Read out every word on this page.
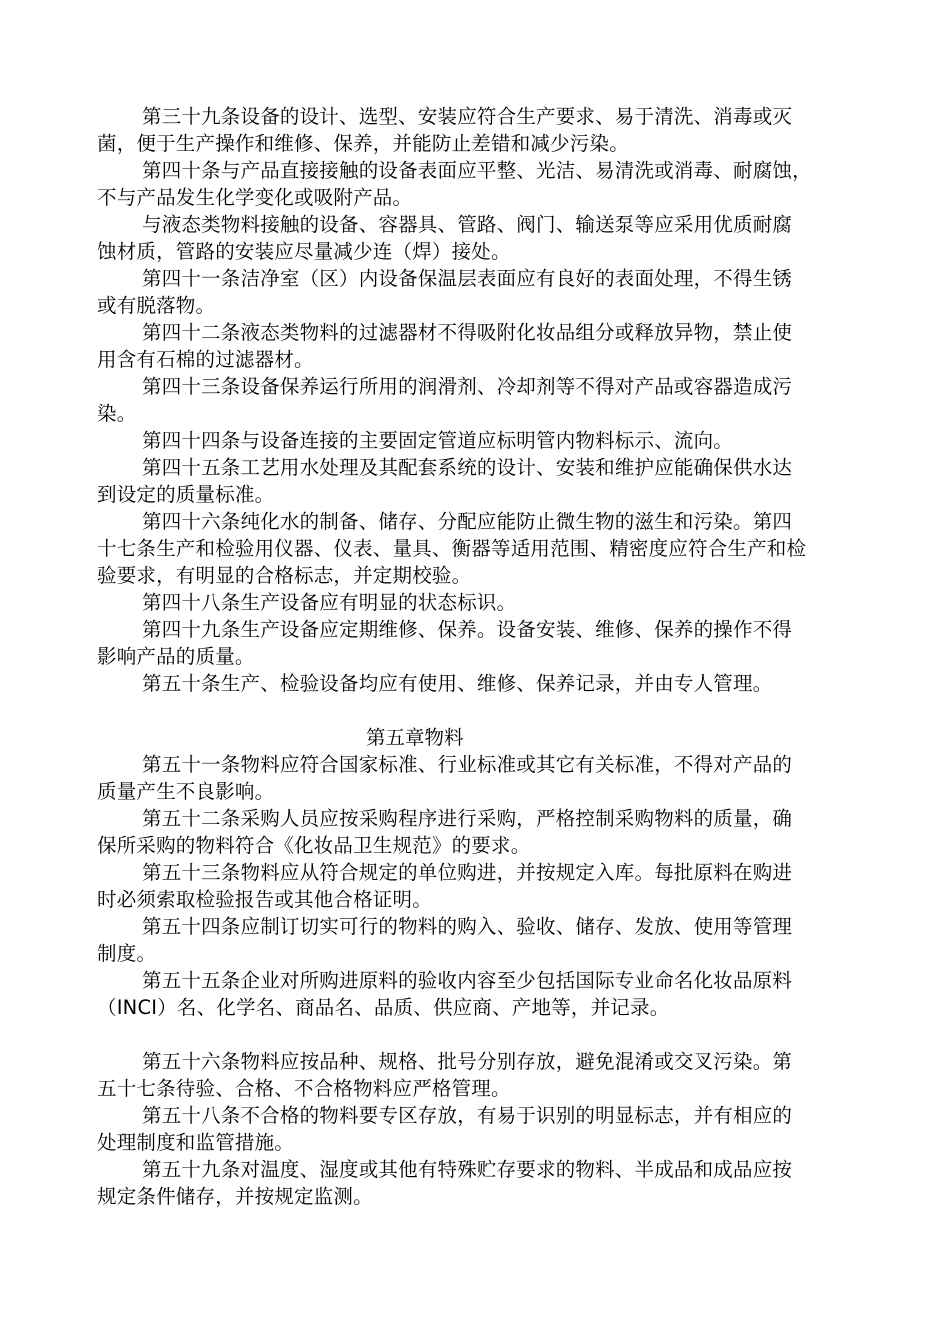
第三十九条设备的设计、选型、安装应符合生产要求、易于清洗、消毒或灭
菌，便于生产操作和维修、保养，并能防止差错和减少污染。
第四十条与产品直接接触的设备表面应平整、光洁、易清洗或消毒、耐腐蚀，
不与产品发生化学变化或吸附产品。
与液态类物料接触的设备、容器具、管路、阀门、输送泵等应采用优质耐腐
蚀材质，管路的安装应尽量减少连（焊）接处。
第四十一条洁净室（区）内设备保温层表面应有良好的表面处理，不得生锈
或有脱落物。
第四十二条液态类物料的过滤器材不得吸附化妆品组分或释放异物，禁止使
用含有石棉的过滤器材。
第四十三条设备保养运行所用的润滑剂、冷却剂等不得对产品或容器造成污
染。
第四十四条与设备连接的主要固定管道应标明管内物料标示、流向。
第四十五条工艺用水处理及其配套系统的设计、安装和维护应能确保供水达
到设定的质量标准。
第四十六条纯化水的制备、储存、分配应能防止微生物的滋生和污染。第四
十七条生产和检验用仪器、仪表、量具、衡器等适用范围、精密度应符合生产和检
验要求，有明显的合格标志，并定期校验。
第四十八条生产设备应有明显的状态标识。
第四十九条生产设备应定期维修、保养。设备安装、维修、保养的操作不得
影响产品的质量。
第五十条生产、检验设备均应有使用、维修、保养记录，并由专人管理。
第五章物料
第五十一条物料应符合国家标准、行业标准或其它有关标准，不得对产品的
质量产生不良影响。
第五十二条采购人员应按采购程序进行采购，严格控制采购物料的质量，确
保所采购的物料符合《化妆品卫生规范》的要求。
第五十三条物料应从符合规定的单位购进，并按规定入库。每批原料在购进
时必须索取检验报告或其他合格证明。
第五十四条应制订切实可行的物料的购入、验收、储存、发放、使用等管理
制度。
第五十五条企业对所购进原料的验收内容至少包括国际专业命名化妆品原料
（INCI）名、化学名、商品名、品质、供应商、产地等，并记录。
第五十六条物料应按品种、规格、批号分别存放，避免混淆或交叉污染。第
五十七条待验、合格、不合格物料应严格管理。
第五十八条不合格的物料要专区存放，有易于识别的明显标志，并有相应的
处理制度和监管措施。
第五十九条对温度、湿度或其他有特殊贮存要求的物料、半成品和成品应按
规定条件储存，并按规定监测。
